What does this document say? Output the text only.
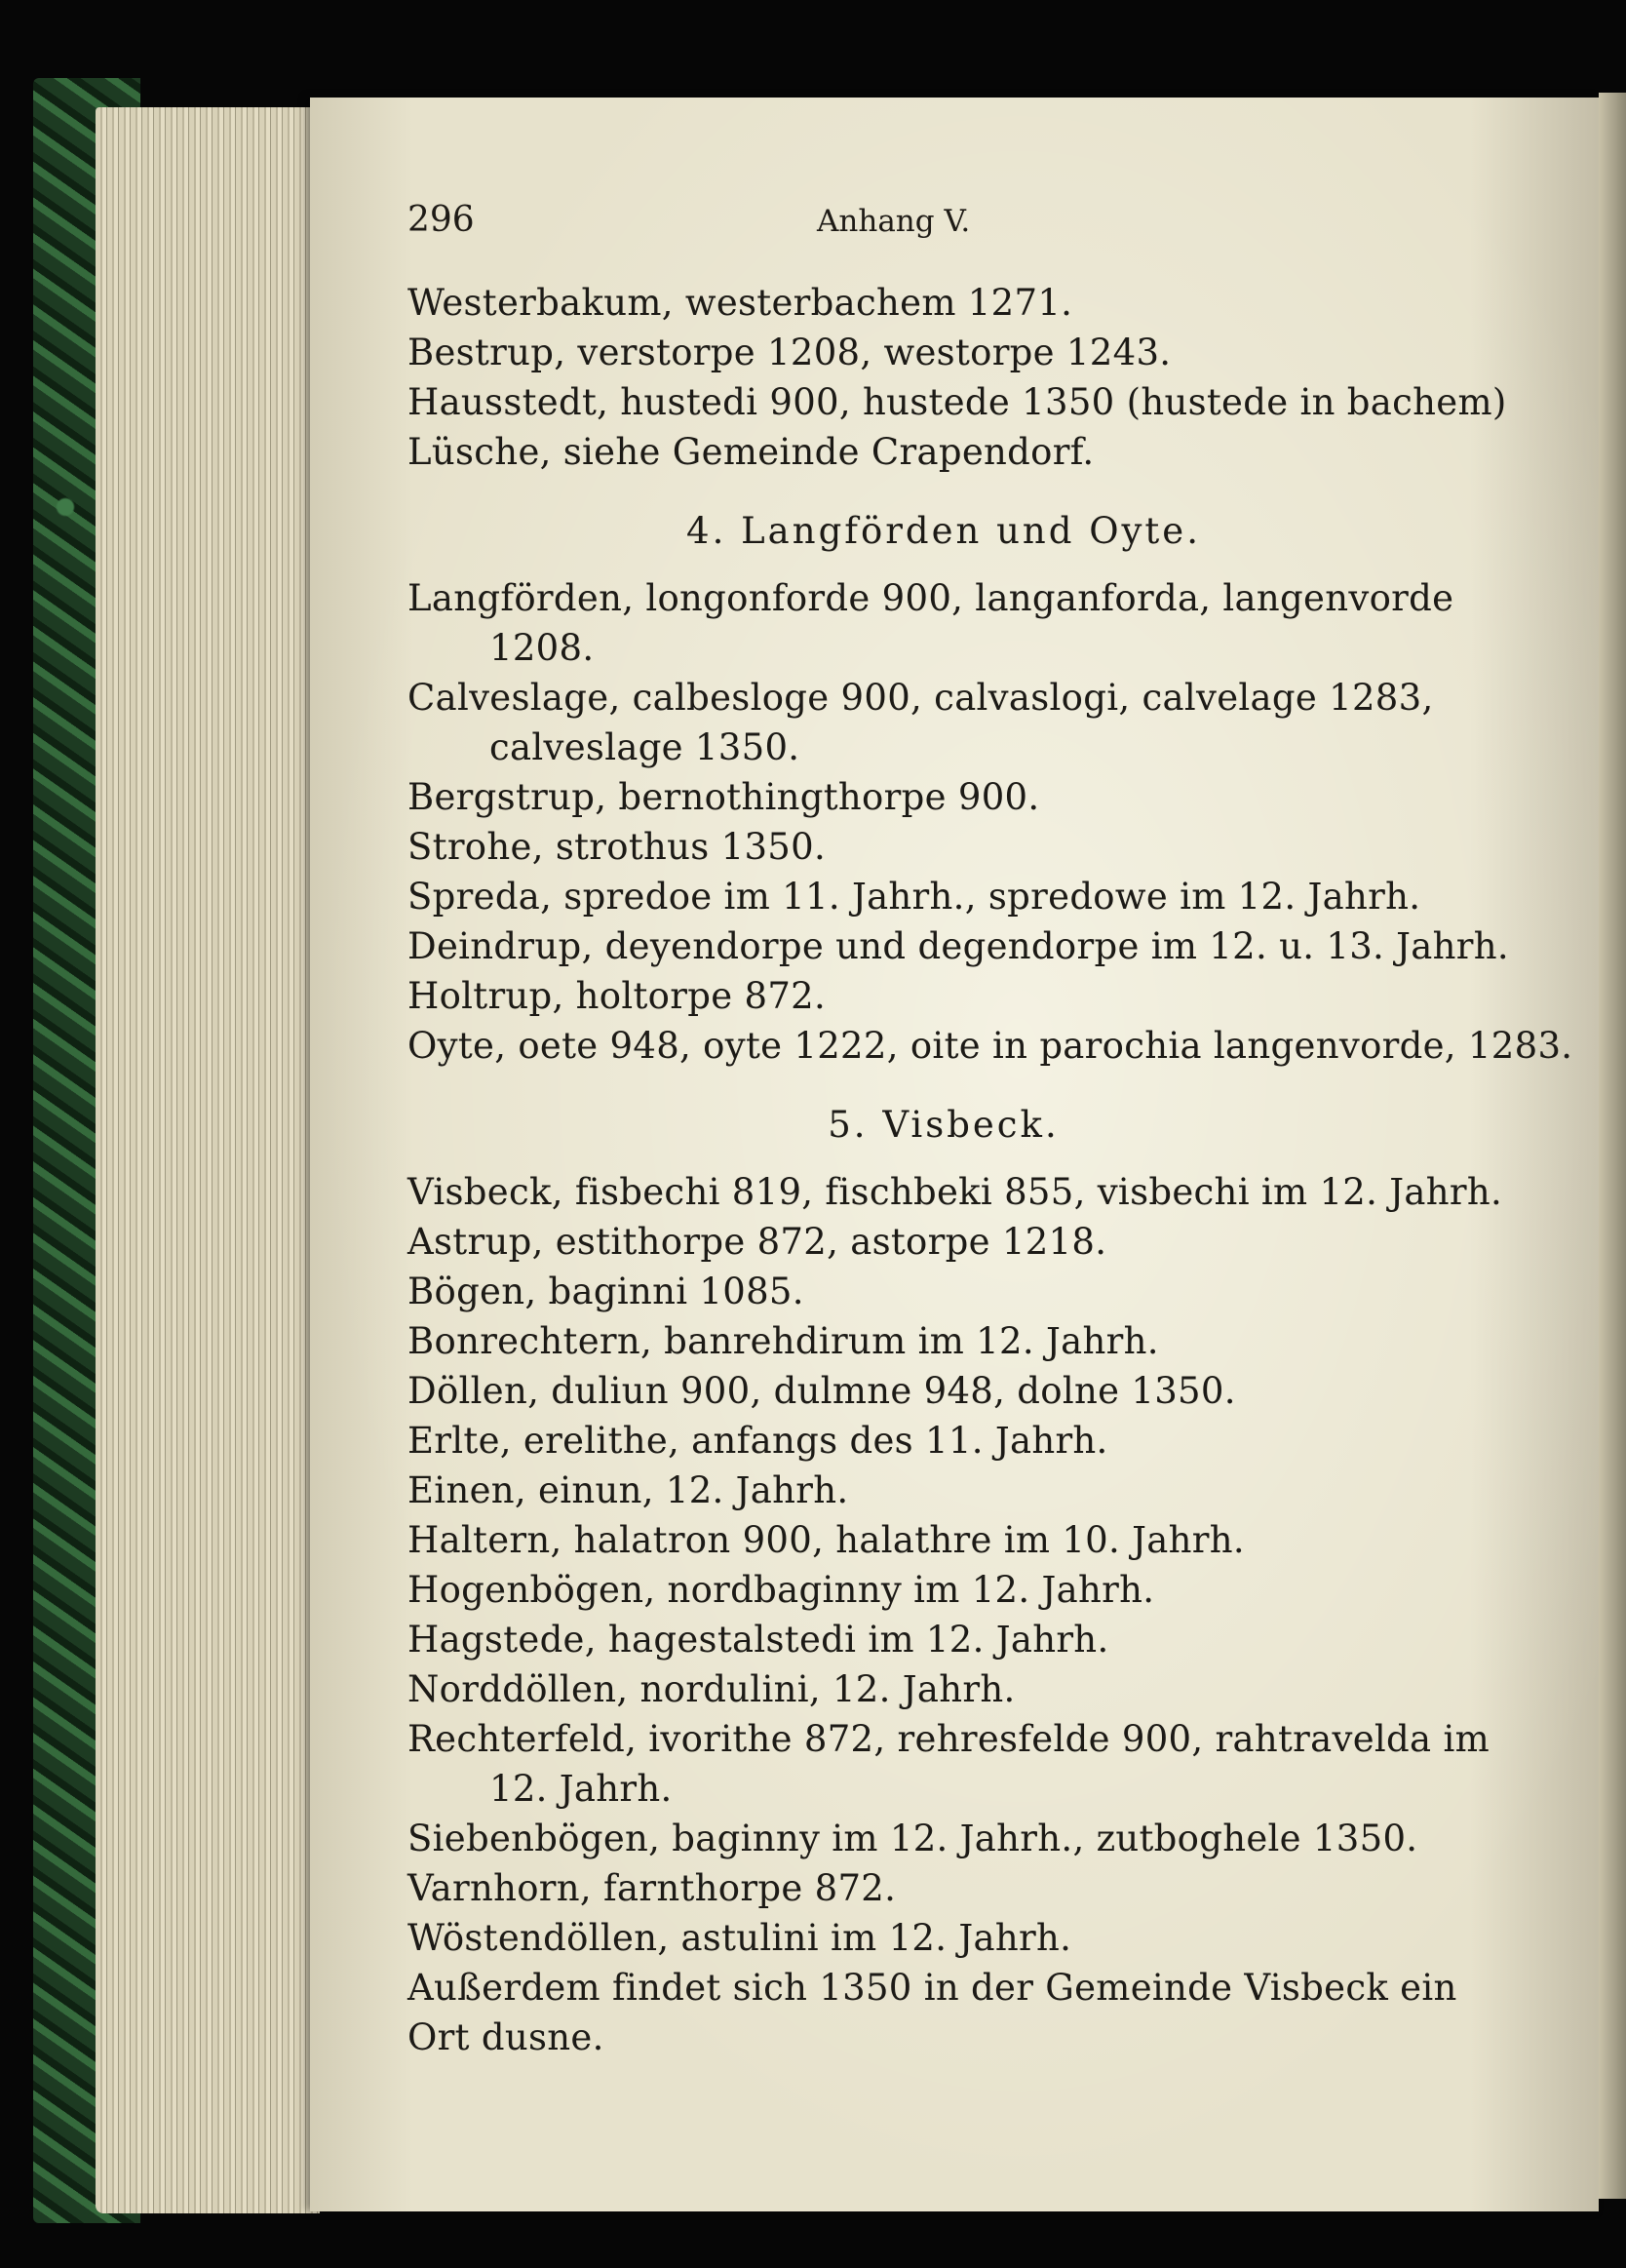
296	Anhang V.

Westerbakum, westerbachem 1271.

Bestrup, verstorpe 1208, westorpe 1243.

Hausstedt, hustedi 900, hustede 1350 (hustede in bachem)

Lüsche, siehe Gemeinde Crapendorf.

4. Langförden und Oyte.

Langförden, longonforde 900, langanforda, langenvorde

1208.

Calveslage, calbesloge 900, calvaslogi, calvelage 1283,

calveslage 1350.

Bergstrup, bernothingthorpe 900.

Strohe, strothus 1350.

Spreda, spredoe im 11. Jahrh., spredowe im 12. Jahrh.

Deindrup, deyendorpe und degendorpe im 12. u. 13. Jahrh.

Holtrup, holtorpe 872.

Oyte, oete 948, oyte 1222, oite in parochia langenvorde, 1283.

5. Visbeck.

Visbeck, fisbechi 819, fischbeki 855, visbechi im 12. Jahrh.

Astrup, estithorpe 872, astorpe 1218.

Bögen, baginni 1085.

Bonrechtern, banrehdirum im 12. Jahrh.

Döllen, duliun 900, dulmne 948, dolne 1350.

Erlte, erelithe, anfangs des 11. Jahrh.

Einen, einun, 12. Jahrh.

Haltern, halatron 900, halathre im 10. Jahrh.

Hogenbögen, nordbaginny im 12. Jahrh.

Hagstede, hagestalstedi im 12. Jahrh.

Norddöllen, nordulini, 12. Jahrh.

Rechterfeld, ivorithe 872, rehresfelde 900, rahtravelda im

12. Jahrh.

Siebenbögen, baginny im 12. Jahrh., zutboghele 1350.

Varnhorn, farnthorpe 872.

Wöstendöllen, astulini im 12. Jahrh.

Außerdem findet sich 1350 in der Gemeinde Visbeck ein

Ort dusne.
